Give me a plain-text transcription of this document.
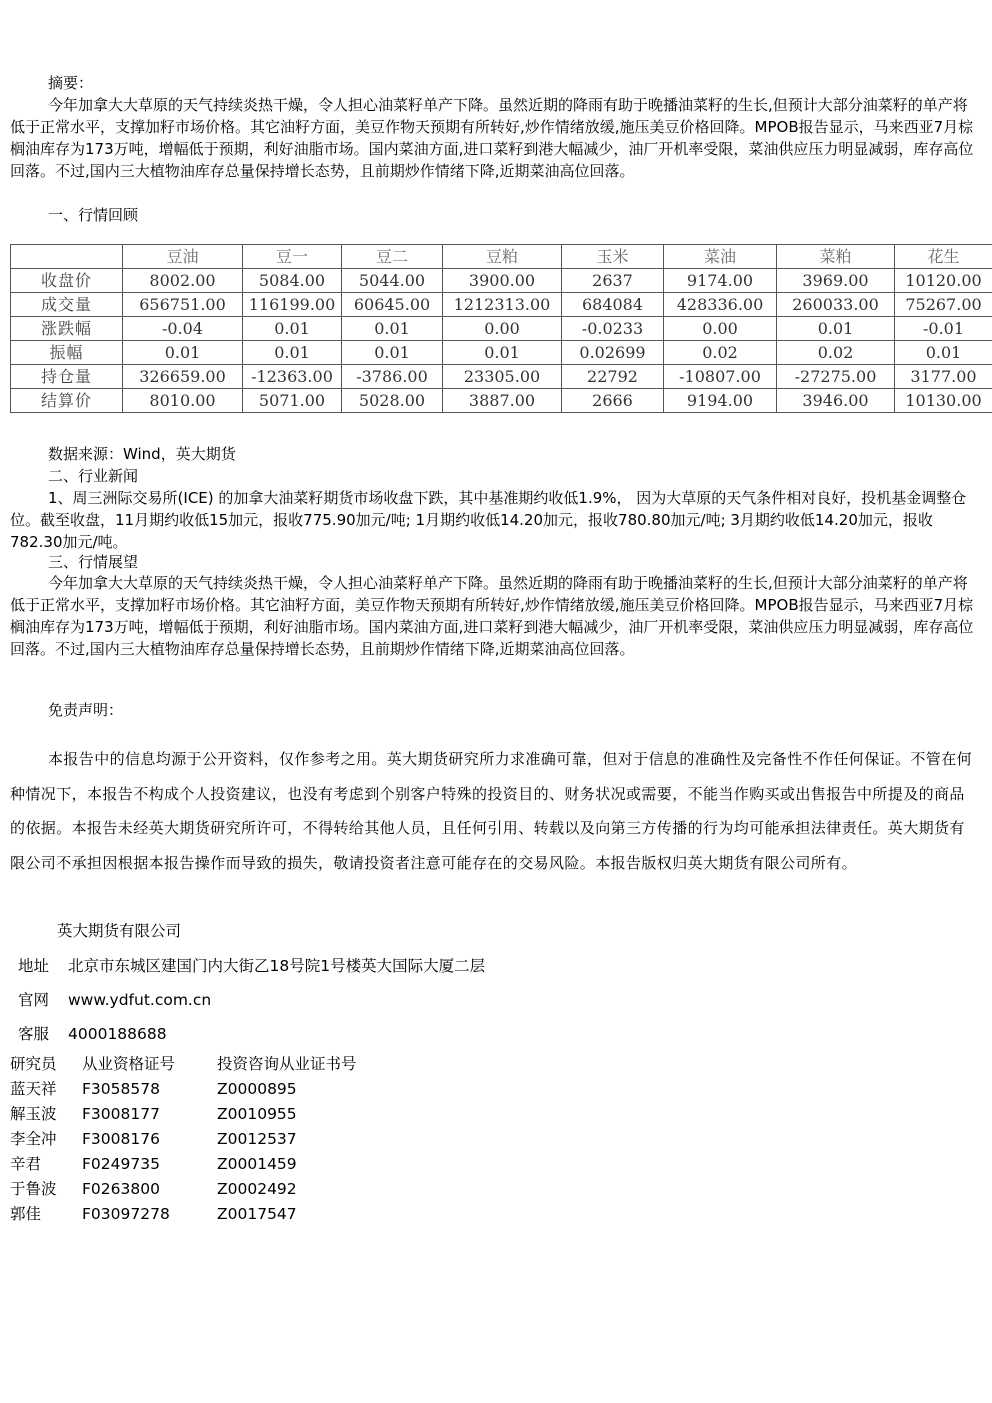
摘要：

今年加拿大大草原的天气持续炎热干燥，令人担心油菜籽单产下降。虽然近期的降雨有助于晚播油菜籽的生长,但预计大部分油菜籽的单产将低于正常水平，支撑加籽市场价格。其它油籽方面，美豆作物天预期有所转好,炒作情绪放缓,施压美豆价格回降。MPOB报告显示，马来西亚7月棕榈油库存为173万吨，增幅低于预期，利好油脂市场。国内菜油方面,进口菜籽到港大幅减少，油厂开机率受限，菜油供应压力明显减弱，库存高位回落。不过,国内三大植物油库存总量保持增长态势，且前期炒作情绪下降,近期菜油高位回落。

一、行情回顾

	豆油	豆一	豆二	豆粕	玉米	菜油	菜粕	花生
收盘价	8002.00	5084.00	5044.00	3900.00	2637	9174.00	3969.00	10120.00
成交量	656751.00	116199.00	60645.00	1212313.00	684084	428336.00	260033.00	75267.00
涨跌幅	-0.04	0.01	0.01	0.00	-0.0233	0.00	0.01	-0.01
振幅	0.01	0.01	0.01	0.01	0.02699	0.02	0.02	0.01
持仓量	326659.00	-12363.00	-3786.00	23305.00	22792	-10807.00	-27275.00	3177.00
结算价	8010.00	5071.00	5028.00	3887.00	2666	9194.00	3946.00	10130.00

数据来源：Wind，英大期货

二、行业新闻

1、周三洲际交易所(ICE) 的加拿大油菜籽期货市场收盘下跌，其中基准期约收低1.9%， 因为大草原的天气条件相对良好，投机基金调整仓位。截至收盘，11月期约收低15加元，报收775.90加元/吨; 1月期约收低14.20加元，报收780.80加元/吨; 3月期约收低14.20加元，报收782.30加元/吨。

三、行情展望

今年加拿大大草原的天气持续炎热干燥，令人担心油菜籽单产下降。虽然近期的降雨有助于晚播油菜籽的生长,但预计大部分油菜籽的单产将低于正常水平，支撑加籽市场价格。其它油籽方面，美豆作物天预期有所转好,炒作情绪放缓,施压美豆价格回降。MPOB报告显示，马来西亚7月棕榈油库存为173万吨，增幅低于预期，利好油脂市场。国内菜油方面,进口菜籽到港大幅减少，油厂开机率受限，菜油供应压力明显减弱，库存高位回落。不过,国内三大植物油库存总量保持增长态势，且前期炒作情绪下降,近期菜油高位回落。

免责声明：

本报告中的信息均源于公开资料，仅作参考之用。英大期货研究所力求准确可靠，但对于信息的准确性及完备性不作任何保证。不管在何种情况下，本报告不构成个人投资建议，也没有考虑到个别客户特殊的投资目的、财务状况或需要，不能当作购买或出售报告中所提及的商品的依据。本报告未经英大期货研究所许可，不得转给其他人员，且任何引用、转载以及向第三方传播的行为均可能承担法律责任。英大期货有限公司不承担因根据本报告操作而导致的损失，敬请投资者注意可能存在的交易风险。本报告版权归英大期货有限公司所有。

英大期货有限公司

地址 北京市东城区建国门内大街乙18号院1号楼英大国际大厦二层

官网 www.ydfut.com.cn

客服 4000188688

研究员	从业资格证号	投资咨询从业证书号
蓝天祥	F3058578	Z0000895
解玉波	F3008177	Z0010955
李全冲	F3008176	Z0012537
辛君	F0249735	Z0001459
于鲁波	F0263800	Z0002492
郭佳	F03097278	Z0017547
